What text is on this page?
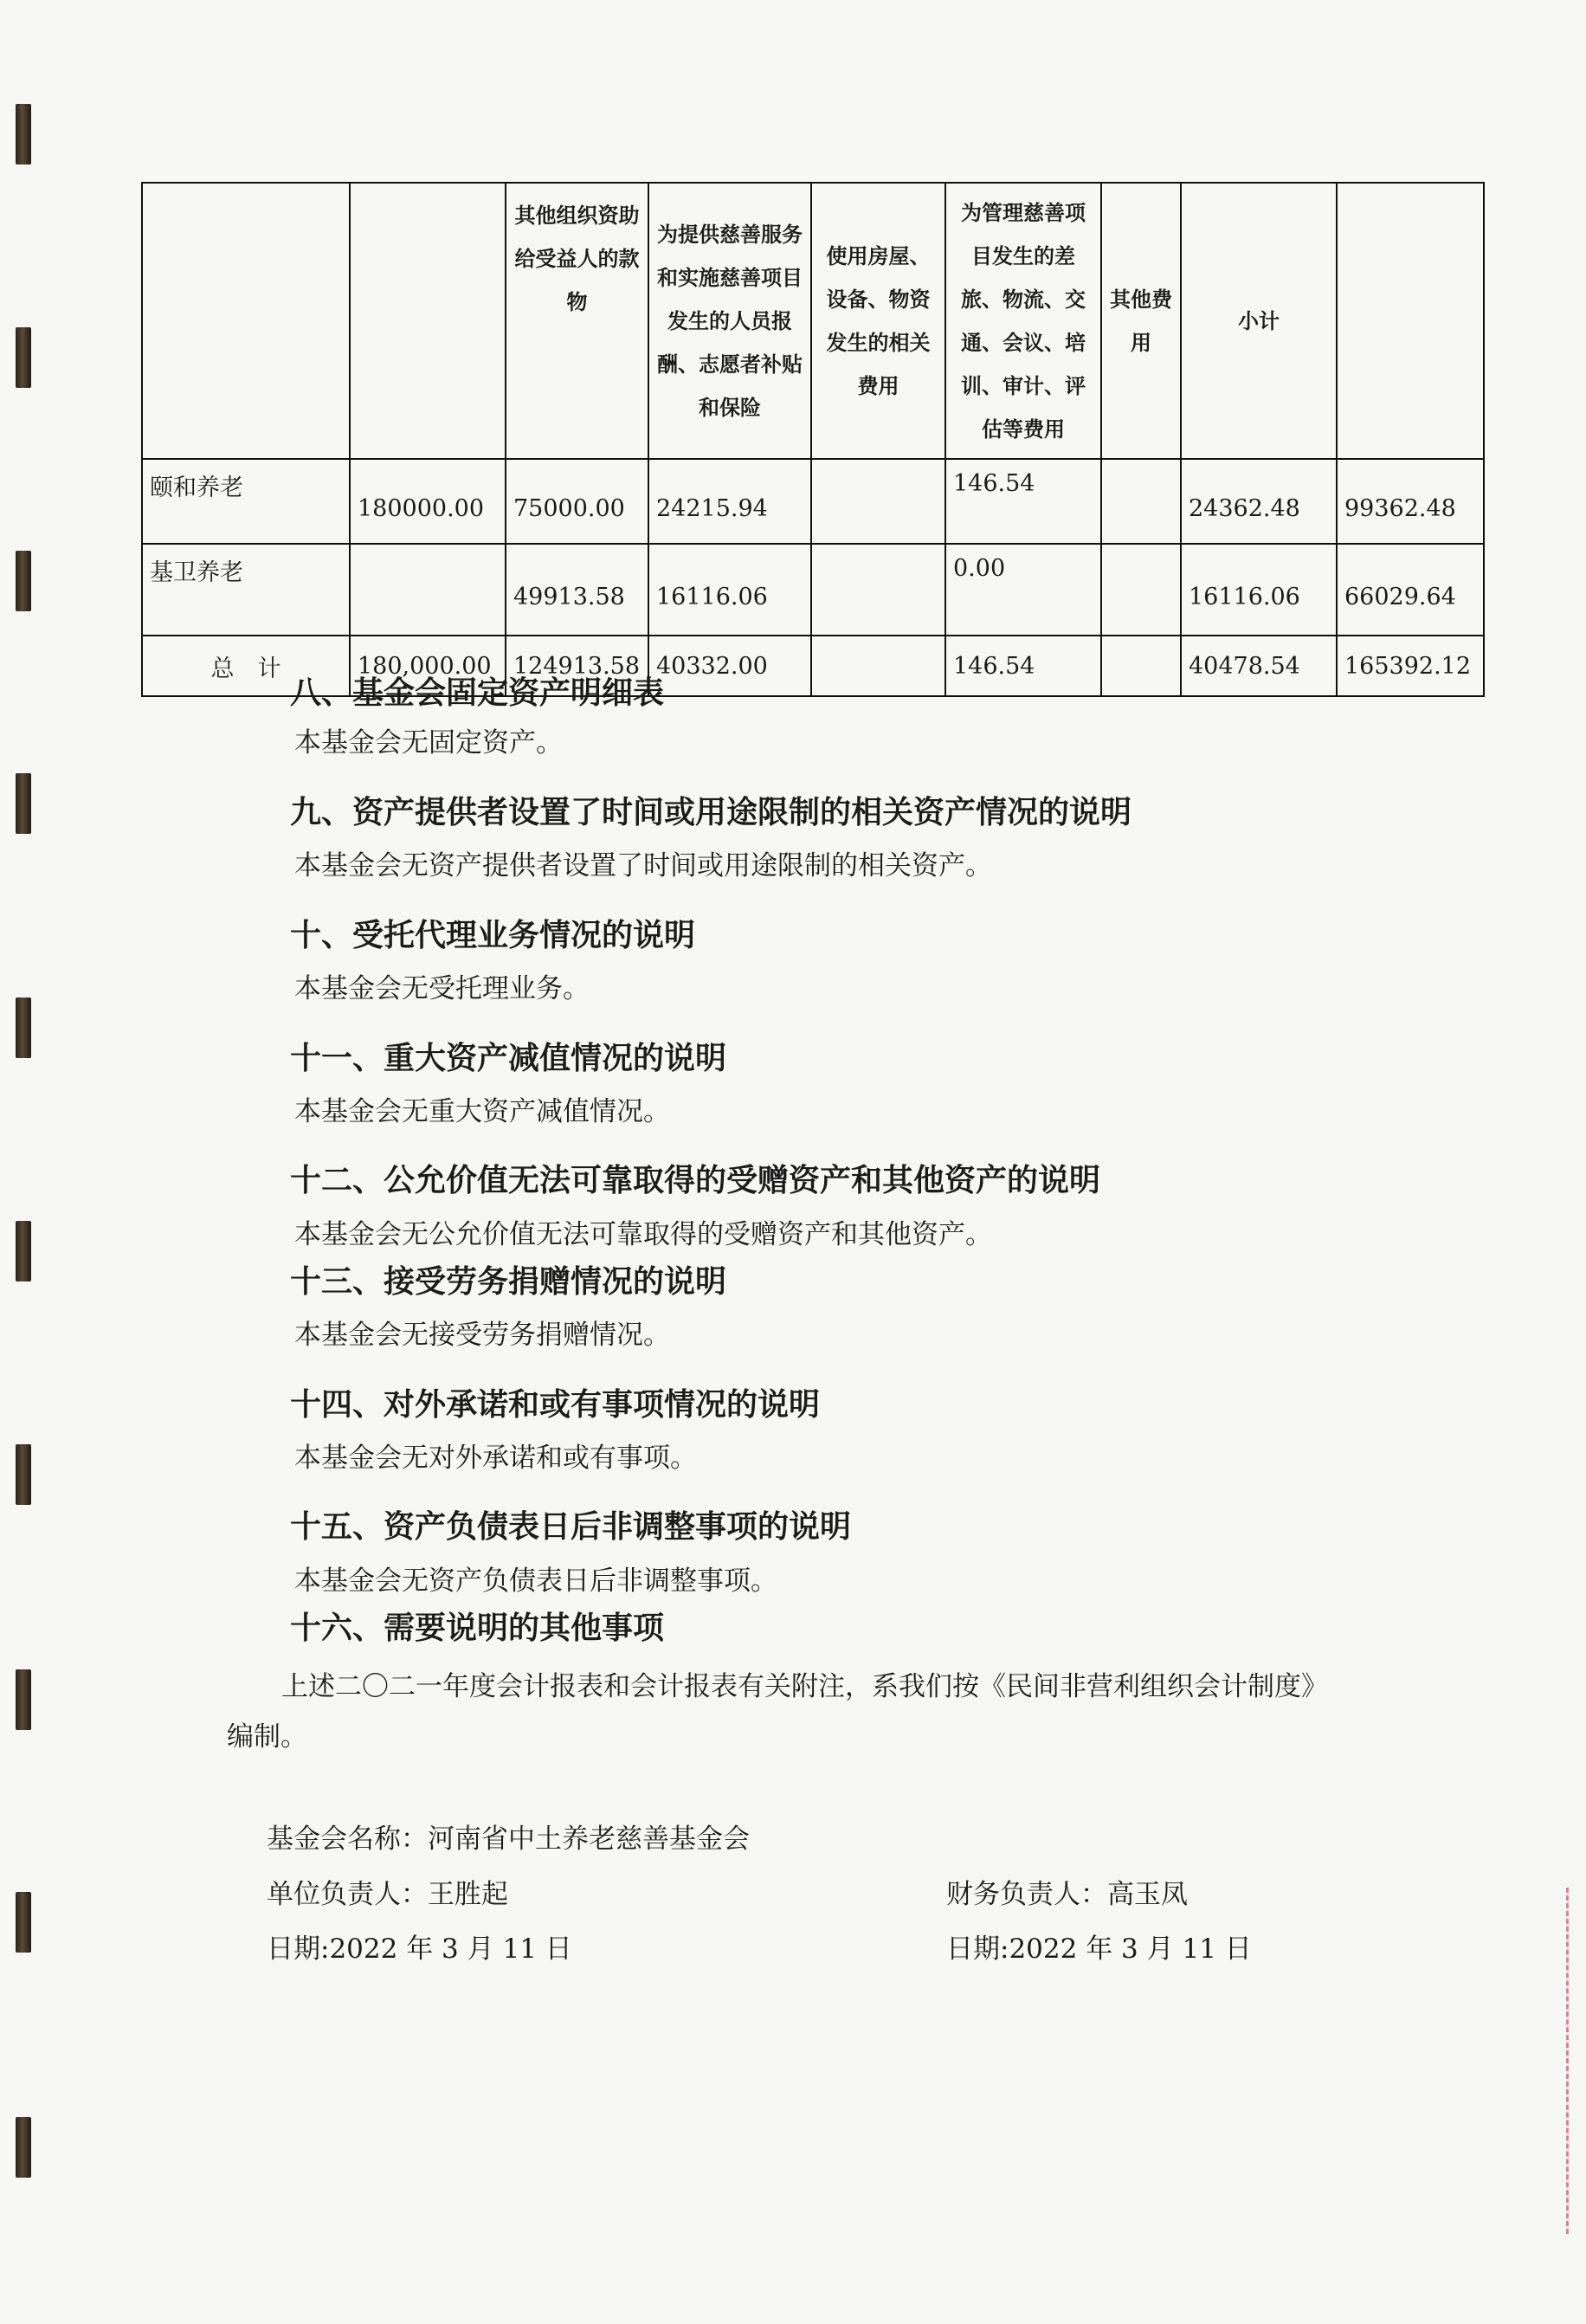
		其他组织资助给受益人的款物	为提供慈善服务和实施慈善项目发生的人员报酬、志愿者补贴和保险	使用房屋、设备、物资发生的相关费用	为管理慈善项目发生的差旅、物流、交通、会议、培训、审计、评估等费用	其他费用	小计	
颐和养老	180000.00	75000.00	24215.94		146.54		24362.48	99362.48
基卫养老		49913.58	16116.06		0.00		16116.06	66029.64
总　计	180,000.00	124913.58	40332.00		146.54		40478.54	165392.12
八、基金会固定资产明细表

本基金会无固定资产。

九、资产提供者设置了时间或用途限制的相关资产情况的说明

本基金会无资产提供者设置了时间或用途限制的相关资产。

十、受托代理业务情况的说明

本基金会无受托理业务。

十一、重大资产减值情况的说明

本基金会无重大资产减值情况。

十二、公允价值无法可靠取得的受赠资产和其他资产的说明

本基金会无公允价值无法可靠取得的受赠资产和其他资产。

十三、接受劳务捐赠情况的说明

本基金会无接受劳务捐赠情况。

十四、对外承诺和或有事项情况的说明

本基金会无对外承诺和或有事项。

十五、资产负债表日后非调整事项的说明

本基金会无资产负债表日后非调整事项。

十六、需要说明的其他事项

上述二〇二一年度会计报表和会计报表有关附注，系我们按《民间非营利组织会计制度》

编制。

基金会名称：河南省中土养老慈善基金会

单位负责人：王胜起	财务负责人：高玉凤

日期:2022 年 3 月 11 日	日期:2022 年 3 月 11 日
